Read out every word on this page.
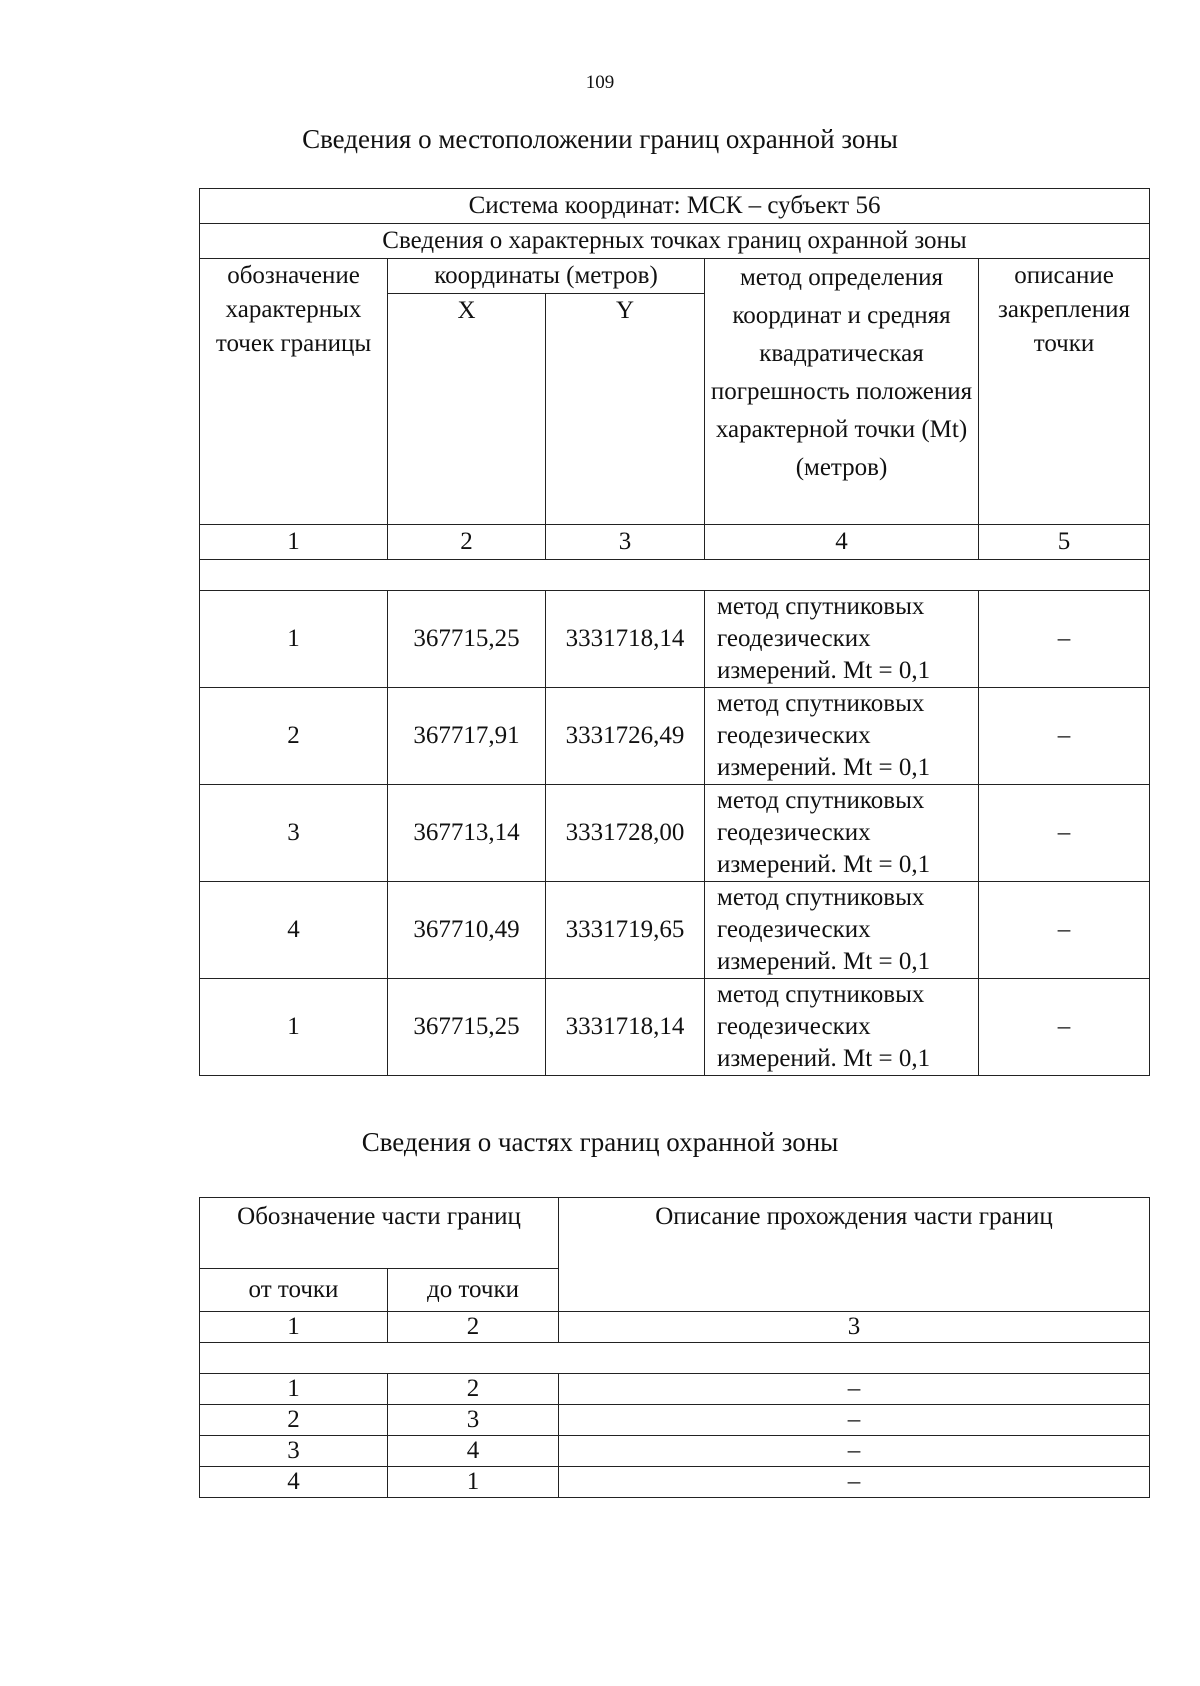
109
Сведения о местоположении границ охранной зоны
Система координат: МСК – субъект 56				
Сведения о характерных точках границ охранной зоны				
обозначение характерных точек границы	координаты (метров)		метод определения координат и средняя квадратическая погрешность положения характерной точки (Mt) (метров)	описание закрепления точки
	X	Y		
1	2	3	4	5

1	367715,25	3331718,14	метод спутниковых
геодезических
измерений. Mt = 0,1	–
2	367717,91	3331726,49	метод спутниковых
геодезических
измерений. Mt = 0,1	–
3	367713,14	3331728,00	метод спутниковых
геодезических
измерений. Mt = 0,1	–
4	367710,49	3331719,65	метод спутниковых
геодезических
измерений. Mt = 0,1	–
1	367715,25	3331718,14	метод спутниковых
геодезических
измерений. Mt = 0,1	–
Сведения о частях границ охранной зоны
Обозначение части границ		Описание прохождения части границ
от точки	до точки	
1	2	3

1	2	–
2	3	–
3	4	–
4	1	–
